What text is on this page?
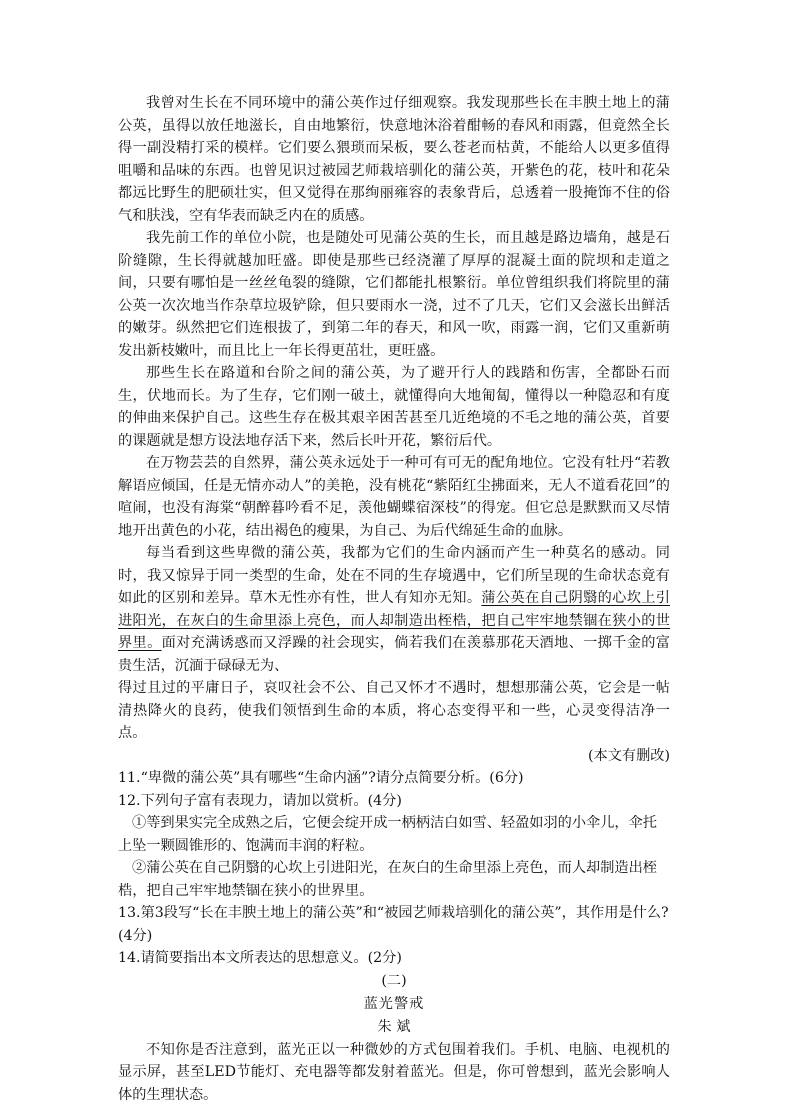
我曾对生长在不同环境中的蒲公英作过仔细观察。我发现那些长在丰腴土地上的蒲公英，虽得以放任地滋长，自由地繁衍，快意地沐浴着酣畅的春风和雨露，但竟然全长得一副没精打采的模样。它们要么猥琐而呆板，要么苍老而枯黄，不能给人以更多值得咀嚼和品味的东西。也曾见识过被园艺师栽培驯化的蒲公英，开紫色的花，枝叶和花朵都远比野生的肥硕壮实，但又觉得在那绚丽雍容的表象背后，总透着一股掩饰不住的俗气和肤浅，空有华表而缺乏内在的质感。

我先前工作的单位小院，也是随处可见蒲公英的生长，而且越是路边墙角，越是石阶缝隙，生长得就越加旺盛。即使是那些已经浇灌了厚厚的混凝土面的院坝和走道之间，只要有哪怕是一丝丝龟裂的缝隙，它们都能扎根繁衍。单位曾组织我们将院里的蒲公英一次次地当作杂草垃圾铲除，但只要雨水一浇，过不了几天，它们又会滋长出鲜活的嫩芽。纵然把它们连根拔了，到第二年的春天，和风一吹，雨露一润，它们又重新萌发出新枝嫩叶，而且比上一年长得更茁壮，更旺盛。

那些生长在路道和台阶之间的蒲公英，为了避开行人的践踏和伤害，全都卧石而生，伏地而长。为了生存，它们刚一破土，就懂得向大地匍匐，懂得以一种隐忍和有度的伸曲来保护自己。这些生存在极其艰辛困苦甚至几近绝境的不毛之地的蒲公英，首要的课题就是想方设法地存活下来，然后长叶开花，繁衍后代。

在万物芸芸的自然界，蒲公英永远处于一种可有可无的配角地位。它没有牡丹“若教解语应倾国，任是无情亦动人”的美艳，没有桃花“紫陌红尘拂面来，无人不道看花回”的喧闹，也没有海棠“朝醉暮吟看不足，羡他蝴蝶宿深枝”的得宠。但它总是默默而又尽情地开出黄色的小花，结出褐色的瘦果，为自己、为后代绵延生命的血脉。

每当看到这些卑微的蒲公英，我都为它们的生命内涵而产生一种莫名的感动。同时，我又惊异于同一类型的生命，处在不同的生存境遇中，它们所呈现的生命状态竟有如此的区别和差异。草木无性亦有性，世人有知亦无知。蒲公英在自己阴翳的心坎上引进阳光，在灰白的生命里添上亮色，而人却制造出桎梏，把自己牢牢地禁锢在狭小的世界里。面对充满诱惑而又浮躁的社会现实，倘若我们在羡慕那花天酒地、一掷千金的富贵生活，沉湎于碌碌无为、

得过且过的平庸日子，哀叹社会不公、自己又怀才不遇时，想想那蒲公英，它会是一帖清热降火的良药，使我们领悟到生命的本质，将心态变得平和一些，心灵变得洁净一点。

(本文有删改)

11.“卑微的蒲公英”具有哪些“生命内涵”?请分点简要分析。(6分)

12.下列句子富有表现力，请加以赏析。(4分)

①等到果实完全成熟之后，它便会绽开成一柄柄洁白如雪、轻盈如羽的小伞儿，伞托上坠一颗圆锥形的、饱满而丰润的籽粒。

②蒲公英在自己阴翳的心坎上引进阳光，在灰白的生命里添上亮色，而人却制造出桎梏，把自己牢牢地禁锢在狭小的世界里。

13.第3段写“长在丰腴土地上的蒲公英”和“被园艺师栽培驯化的蒲公英”，其作用是什么?(4分)

14.请简要指出本文所表达的思想意义。(2分)

(二)

蓝光警戒

朱 斌

不知你是否注意到，蓝光正以一种微妙的方式包围着我们。手机、电脑、电视机的显示屏，甚至LED节能灯、充电器等都发射着蓝光。但是，你可曾想到，蓝光会影响人体的生理状态。
